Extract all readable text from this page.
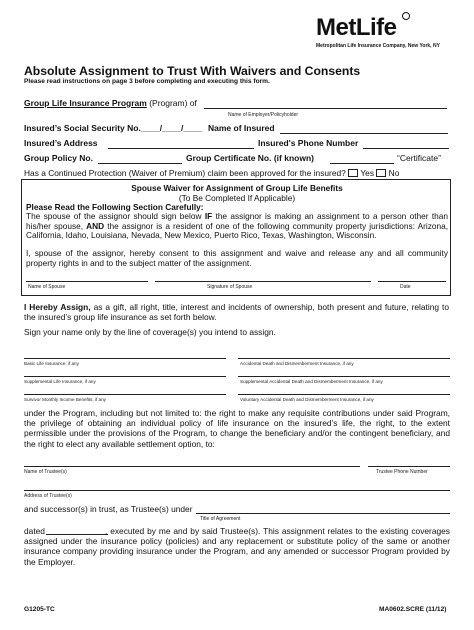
MetLife
Metropolitan Life Insurance Company, New York, NY
Absolute Assignment to Trust With Waivers and Consents
Please read instructions on page 3 before completing and executing this form.
Group Life Insurance Program (Program) of
Name of Employer/Policyholder
Insured’s Social Security No.____/____/____ Name of Insured
Insured’s Address	Insured's Phone Number
Group Policy No.	Group Certificate No. (if known)	“Certificate”
Has a Continued Protection (Waiver of Premium) claim been approved for the insured? Yes No
Spouse Waiver for Assignment of Group Life Benefits
(To Be Completed If Applicable)
Please Read the Following Section Carefully:
The spouse of the assignor should sign below IF the assignor is making an assignment to a person other than his/her spouse, AND the assignor is a resident of one of the following community property jurisdictions: Arizona, California, Idaho, Louisiana, Nevada, New Mexico, Puerto Rico, Texas, Washington, Wisconsin.
I, spouse of the assignor, hereby consent to this assignment and waive and release any and all community property rights in and to the subject matter of the assignment.
Name of Spouse	Signature of Spouse	Date
I Hereby Assign, as a gift, all right, title, interest and incidents of ownership, both present and future, relating to the insured’s group life insurance as set forth below.
Sign your name only by the line of coverage(s) you intend to assign.
Basic Life Insurance, if any	Accidental Death and Dismemberment Insurance, if any
Supplemental Life Insurance, if any	Supplemental Accidental Death and Dismemberment Insurance, if any
Survivor Monthly Income Benefits, if any	Voluntary Accidental Death and Dismemberment Insurance, if any
under the Program, including but not limited to: the right to make any requisite contributions under said Program, the privilege of obtaining an individual policy of life insurance on the insured’s life, the right, to the extent permissible under the provisions of the Program, to change the beneficiary and/or the contingent beneficiary, and the right to elect any available settlement option, to:
Name of Trustee(s)	Trustee Phone Number
Address of Trustee(s)
and successor(s) in trust, as Trustee(s) under
Title of Agreement
dated	, executed by me and by said Trustee(s). This assignment relates to the existing coverages assigned under the insurance policy (policies) and any replacement or substitute policy of the same or another insurance company providing insurance under the Program, and any amended or successor Program provided by the Employer.
G1205-TC	MA0602.SCRE (11/12)
